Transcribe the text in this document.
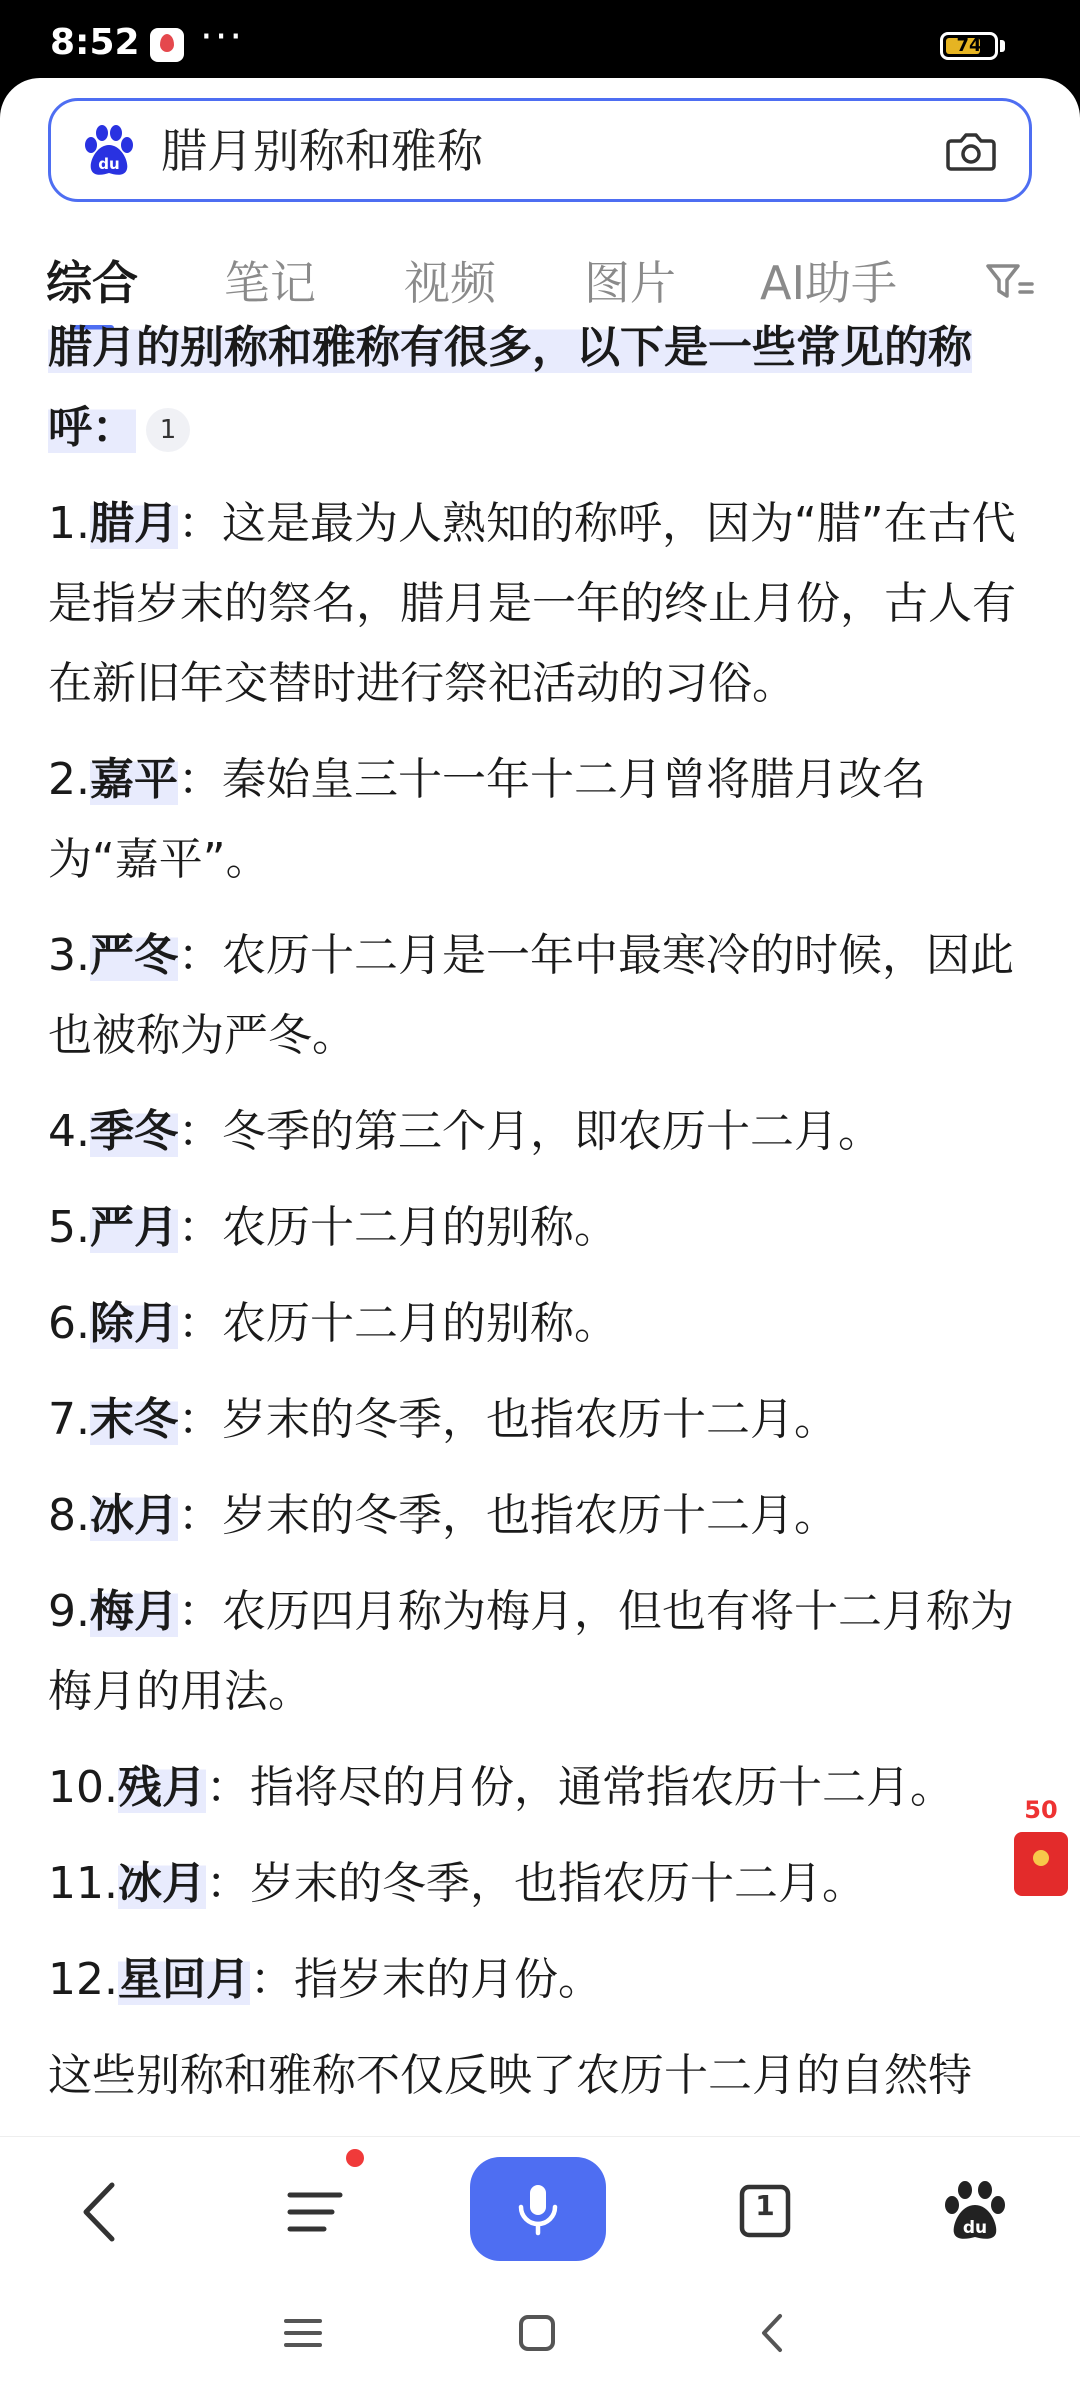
8:52 ···	74
du 腊月别称和雅称
综合 笔记 视频 图片 AI助手

腊月的别称和雅称有很多，以下是一些常见的称呼： 1

1.腊月：这是最为人熟知的称呼，因为“腊”在古代是指岁末的祭名，腊月是一年的终止月份，古人有在新旧年交替时进行祭祀活动的习俗。

2.嘉平：秦始皇三十一年十二月曾将腊月改名为“嘉平”。

3.严冬：农历十二月是一年中最寒冷的时候，因此也被称为严冬。

4.季冬：冬季的第三个月，即农历十二月。

5.严月：农历十二月的别称。

6.除月：农历十二月的别称。

7.末冬：岁末的冬季，也指农历十二月。

8.冰月：岁末的冬季，也指农历十二月。

9.梅月：农历四月称为梅月，但也有将十二月称为梅月的用法。

10.残月：指将尽的月份，通常指农历十二月。

11.冰月：岁末的冬季，也指农历十二月。

12.星回月：指岁末的月份。

这些别称和雅称不仅反映了农历十二月的自然特

50
1
du
